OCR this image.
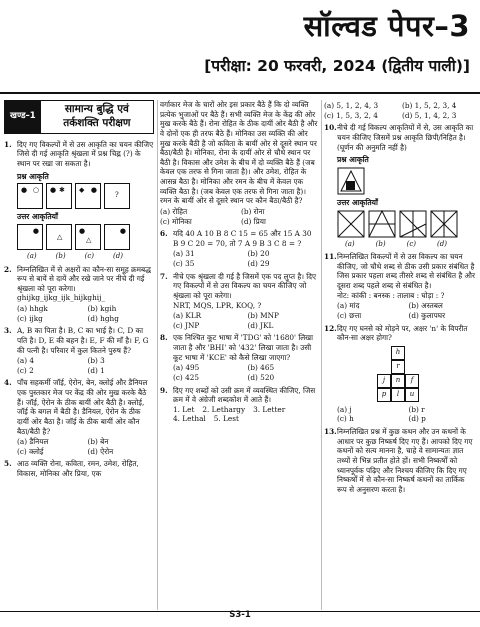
सॉल्वड पेपर–3
[परीक्षा: 20 फरवरी, 2024 (द्वितीय पाली)]
खण्ड–1
सामान्य बुद्धि एवं तर्कशक्ति परीक्षण
1. दिए गए विकल्पों में से उस आकृति का चयन कीजिए जिसे दी गई आकृति श्रृंखला में प्रश्न चिह्न (?) के स्थान पर रखा जा सकता है।
प्रश्न आकृति
● ○ ● ✱ ◆ ●
?
उत्तर आकृतियाँ
●
△
●
△
●
(a)	(b)	(c)	(d)
2. निम्नलिखित में से अक्षरों का कौन-सा समूह क्रमबद्ध रूप से बायें से दायें और रखे जाने पर नीचे दी गई श्रृंखला को पूरा करेगा।
ghijkg_ijkg_ijk_hijkghij_
(a) hhgk	(b) kgih
(c) ijkg	(d) hghg
3. A, B का पिता है। B, C का भाई है। C, D का पति है। D, E की बहन है। E, F की माँ है। F, G की पत्नी है। परिवार में कुल कितने पुरुष हैं?
(a) 4	(b) 3
(c) 2	(d) 1
4. पाँच सहकर्मी जॉई, ऐरोन, बेन, क्लोई और डैनियल एक पुस्तकार मेज पर केंद्र की ओर मुख करके बैठे हैं। जॉई, ऐरोन के ठीक बायीं ओर बैठी है। क्लोई, जॉई के बगल में बैठी है। डैनियल, ऐरोन के ठीक दायीं ओर बैठा है। जॉई के ठीक बायीं ओर कौन बैठा/बैठी है?
(a) डैनियल	(b) बेन
(c) क्लोई	(d) ऐरोन
5. आठ व्यक्ति रोना, कविता, रमन, उमेश, रोहित, विकास, मोनिका और प्रिया, एक
वर्गाकार मेज के चारों ओर इस प्रकार बैठे हैं कि दो व्यक्ति प्रत्येक भुजाओं पर बैठे हैं। सभी व्यक्ति मेज के केंद्र की ओर मुख करके बैठे हैं। रोना रोहित के ठीक दायीं ओर बैठी है और वे दोनों एक ही तरफ बैठे हैं। मोनिका उस व्यक्ति की ओर मुख करके बैठी है जो कविता के बायीं ओर से दूसरे स्थान पर बैठा/बैठी है। मोनिका, रोना के दायीं ओर से चौथे स्थान पर बैठी है। विकास और उमेश के बीच में दो व्यक्ति बैठे हैं (जब केवल एक तरफ से गिना जाता है)। और उमेश, रोहित के आसन्न बैठा है। मोनिका और रमन के बीच में केवल एक व्यक्ति बैठा है। (जब केवल एक तरफ से गिना जाता है)। रमन के बायीं ओर से दूसरे स्थान पर कौन बैठा/बैठी है?
(a) रोहित	(b) रोना
(c) मोनिका	(d) प्रिया
6. यदि 40 A 10 B 8 C 15 = 65 और 15 A 30 B 9 C 20 = 70, तो 7 A 9 B 3 C 8 = ?
(a) 31	(b) 20
(c) 35	(d) 29
7. नीचे एक श्रृंखला दी गई है जिसमें एक पद लुप्त है। दिए गए विकल्पों में से उस विकल्प का चयन कीजिए जो श्रृंखला को पूरा करेगा।
NRT, MQS, LPR, KOQ, ?
(a) KLR	(b) MNP
(c) JNP	(d) JKL
8. एक निश्चित कूट भाषा में 'TDG' को '1680' लिखा जाता है और 'BHI' को '432' लिखा जाता है। उसी कूट भाषा में 'KCE' को कैसे लिखा जाएगा?
(a) 495	(b) 465
(c) 425	(d) 520
9. दिए गए शब्दों को उसी क्रम में व्यवस्थित कीजिए, जिस क्रम में वे अंग्रेजी शब्दकोश में आते हैं।
1. Let 2. Lethargy 3. Letter
4. Lethal 5. Lest
(a) 5, 1, 2, 4, 3	(b) 1, 5, 2, 3, 4
(c) 1, 5, 3, 2, 4	(d) 5, 1, 4, 2, 3
10. नीचे दी गई विकल्प आकृतियों में से, उस आकृति का चयन कीजिए जिसमें प्रश्न आकृति छिपी/निहित है। (घूर्णन की अनुमति नहीं है)
प्रश्न आकृति
उत्तर आकृतियाँ
(a)	(b)	(c)	(d)
11. निम्नलिखित विकल्पों में से उस विकल्प का चयन कीजिए, जो चौथे शब्द से ठीक उसी प्रकार संबंधित है जिस प्रकार पहला शब्द तीसरे शब्द से संबंधित है और दूसरा शब्द पहले शब्द से संबंधित है।
नोट: कांकी : बनस्क : तालाब : घोड़ा : ?
(a) मांद	(b) अस्तबल
(c) छत्ता	(d) कुलापघर
12. दिए गए घनसे को मोड़ने पर, अक्षर 'n' के विपरीत कौन-सा अक्षर होगा?
h
r
j	n	f
p	l	u
(a) j	(b) r
(c) h	(d) p
13. निम्नलिखित प्रश्न में कुछ कथन और उन कथनों के आधार पर कुछ निष्कर्ष दिए गए हैं। आपको दिए गए कथनों को सत्य मानना है, चाहे वे सामान्यतः ज्ञात तथ्यों से भिन्न प्रतीत होते हों। सभी निष्कर्षों को ध्यानपूर्वक पढ़िए और निश्चय कीजिए कि दिए गए निष्कर्षों में से कौन-सा निष्कर्ष कथनों का तार्किक रूप से अनुसरण करता है।
S3-1
